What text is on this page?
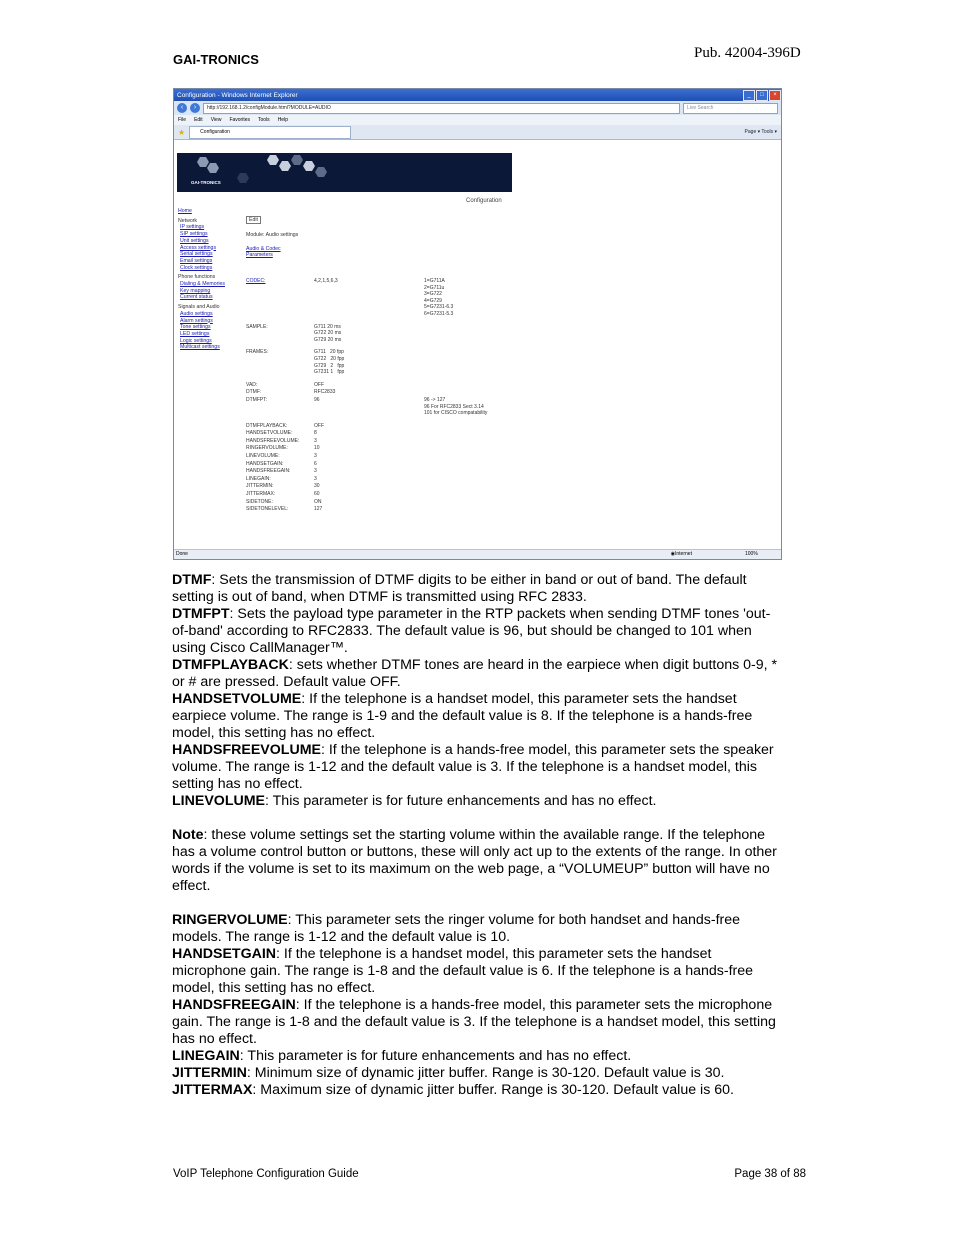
GAI-TRONICS	Pub. 42004-396D
Configuration - Windows Internet Explorer	_	□	×
‹	›	http://192.168.1.2/configModule.html?MODULE=AUDIO	Live Search
File Edit View Favorites Tools Help
★	Configuration	Page ▾ Tools ▾
GAI-TRONICS
Configuration
Home
Network
IP settings
SIP settings
Unit settings
Access settings
Serial settings
Email settings
Clock settings
Phone functions
Dialing & Memories
Key mapping
Current status
Signals and Audio
Audio settings
Alarm settings
Tone settings
LED settings
Logic settings
Multicast settings
Edit
Module: Audio settings
Audio & Codec
Parameters
CODEC:	4,2,1,5,6,3	1=G711A
2=G711u
3=G722
4=G729
5=G7231-6.3
6=G7231-5.3
SAMPLE:	G711 20 ms
G722 20 ms
G729 20 ms
FRAMES:	G711   20 fpp
G722   20 fpp
G729   2   fpp
G7231 1   fpp
VAD:	OFF
DTMF:	RFC2833
DTMFPT:	96	96 -> 127
96 For RFC2833 Sect 3.14
101 for CISCO compatability
DTMFPLAYBACK:	OFF
HANDSETVOLUME:	8
HANDSFREEVOLUME:	3
RINGERVOLUME:	10
LINEVOLUME:	3
HANDSETGAIN:	6
HANDSFREEGAIN:	3
LINEGAIN:	3
JITTERMIN:	30
JITTERMAX:	60
SIDETONE:	ON
SIDETONELEVEL:	127
Done	◉ Internet	100%

DTMF: Sets the transmission of DTMF digits to be either in band or out of band. The default setting is out of band, when DTMF is transmitted using RFC 2833.

DTMFPT: Sets the payload type parameter in the RTP packets when sending DTMF tones 'out-of-band' according to RFC2833. The default value is 96, but should be changed to 101 when using Cisco CallManager™.

DTMFPLAYBACK: sets whether DTMF tones are heard in the earpiece when digit buttons 0-9, * or # are pressed. Default value OFF.

HANDSETVOLUME: If the telephone is a handset model, this parameter sets the handset earpiece volume. The range is 1-9 and the default value is 8. If the telephone is a hands-free model, this setting has no effect.

HANDSFREEVOLUME: If the telephone is a hands-free model, this parameter sets the speaker volume. The range is 1-12 and the default value is 3. If the telephone is a handset model, this setting has no effect.

LINEVOLUME: This parameter is for future enhancements and has no effect.

Note: these volume settings set the starting volume within the available range. If the telephone has a volume control button or buttons, these will only act up to the extents of the range. In other words if the volume is set to its maximum on the web page, a “VOLUMEUP” button will have no effect.

RINGERVOLUME: This parameter sets the ringer volume for both handset and hands-free models. The range is 1-12 and the default value is 10.

HANDSETGAIN: If the telephone is a handset model, this parameter sets the handset microphone gain. The range is 1-8 and the default value is 6. If the telephone is a hands-free model, this setting has no effect.

HANDSFREEGAIN: If the telephone is a hands-free model, this parameter sets the microphone gain. The range is 1-8 and the default value is 3. If the telephone is a handset model, this setting has no effect.

LINEGAIN: This parameter is for future enhancements and has no effect.

JITTERMIN: Minimum size of dynamic jitter buffer. Range is 30-120. Default value is 30.

JITTERMAX: Maximum size of dynamic jitter buffer. Range is 30-120. Default value is 60.

VoIP Telephone Configuration Guide	Page 38 of 88
